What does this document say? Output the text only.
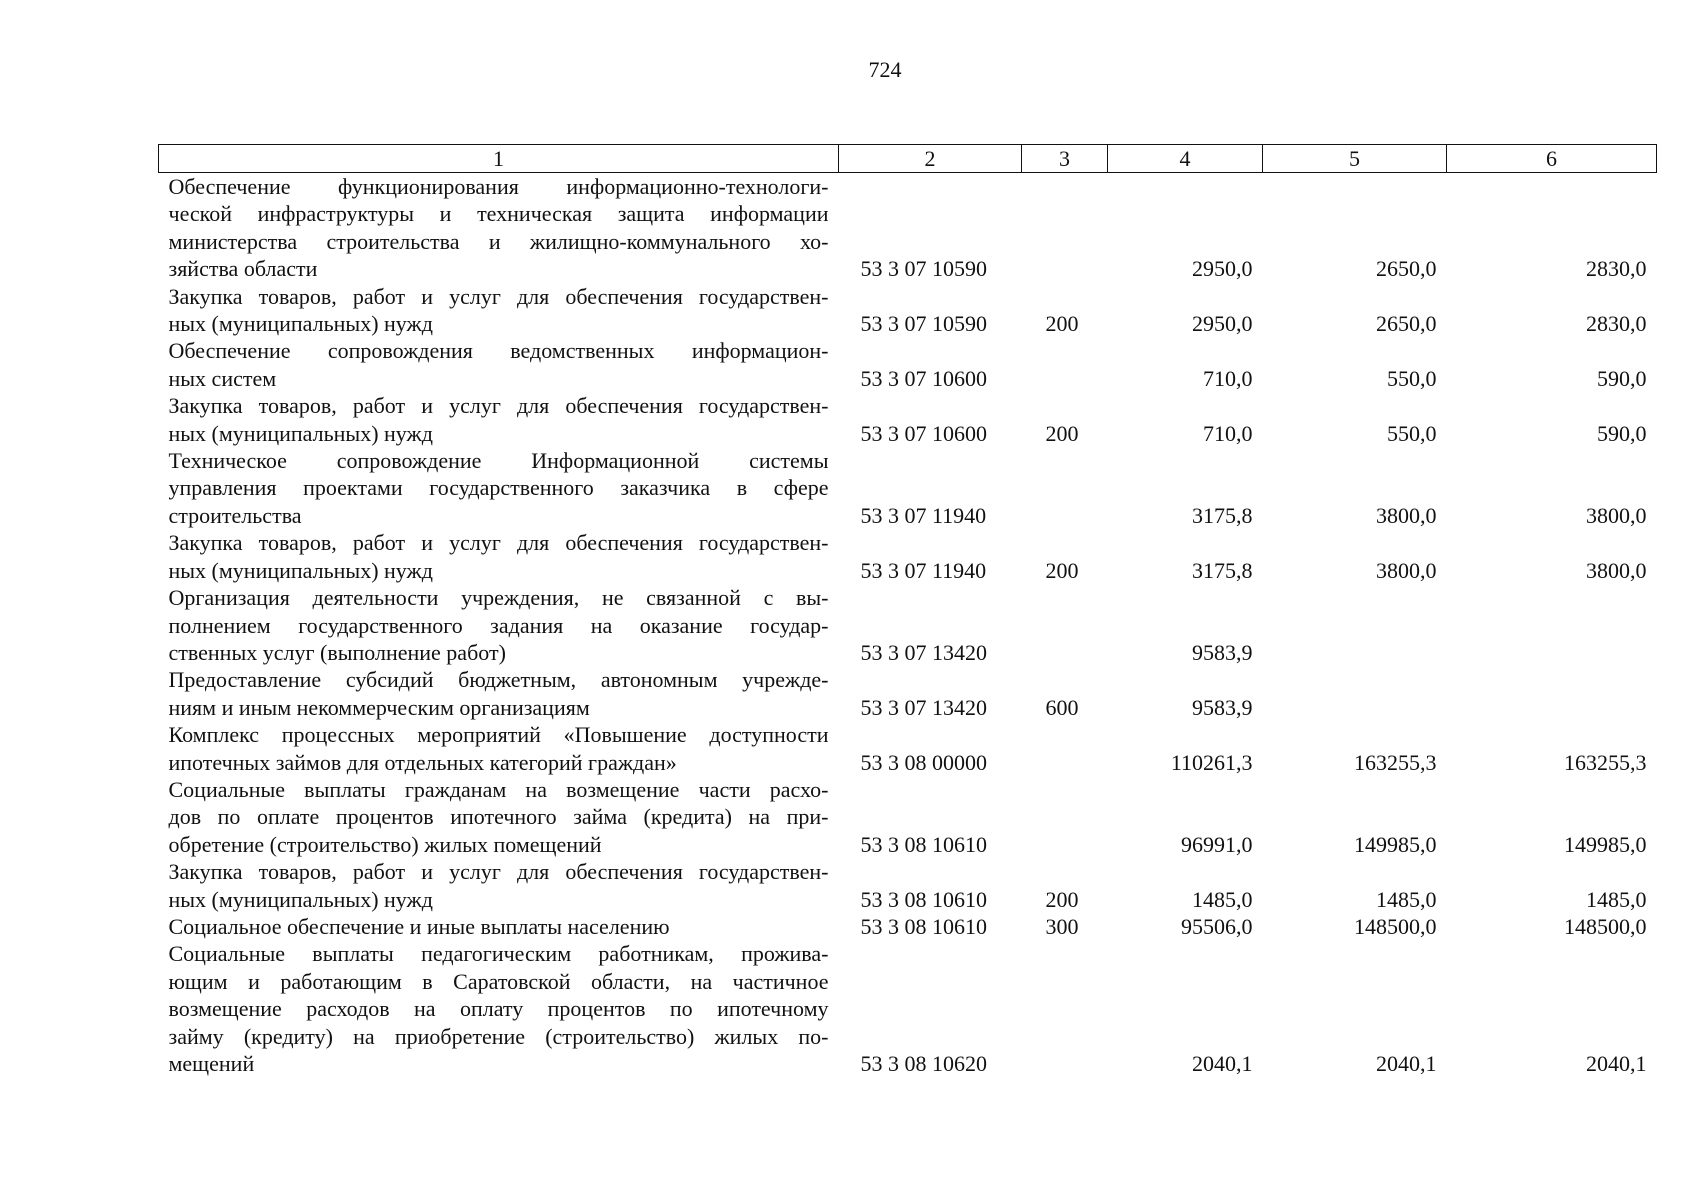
724
1	2	3	4	5	6

Обеспечение функционирования информационно-технологи-
ческой инфраструктуры и техническая защита информации
министерства строительства и жилищно-коммунального хо-
зяйства области	53 3 07 10590		2950,0	2650,0	2830,0

Закупка товаров, работ и услуг для обеспечения государствен-
ных (муниципальных) нужд	53 3 07 10590	200	2950,0	2650,0	2830,0

Обеспечение сопровождения ведомственных информацион-
ных систем	53 3 07 10600		710,0	550,0	590,0

Закупка товаров, работ и услуг для обеспечения государствен-
ных (муниципальных) нужд	53 3 07 10600	200	710,0	550,0	590,0

Техническое сопровождение Информационной системы
управления проектами государственного заказчика в сфере
строительства	53 3 07 11940		3175,8	3800,0	3800,0

Закупка товаров, работ и услуг для обеспечения государствен-
ных (муниципальных) нужд	53 3 07 11940	200	3175,8	3800,0	3800,0

Организация деятельности учреждения, не связанной с вы-
полнением государственного задания на оказание государ-
ственных услуг (выполнение работ)	53 3 07 13420		9583,9		

Предоставление субсидий бюджетным, автономным учрежде-
ниям и иным некоммерческим организациям	53 3 07 13420	600	9583,9		

Комплекс процессных мероприятий «Повышение доступности
ипотечных займов для отдельных категорий граждан»	53 3 08 00000		110261,3	163255,3	163255,3

Социальные выплаты гражданам на возмещение части расхо-
дов по оплате процентов ипотечного займа (кредита) на при-
обретение (строительство) жилых помещений	53 3 08 10610		96991,0	149985,0	149985,0

Закупка товаров, работ и услуг для обеспечения государствен-
ных (муниципальных) нужд	53 3 08 10610	200	1485,0	1485,0	1485,0

Социальное обеспечение и иные выплаты населению	53 3 08 10610	300	95506,0	148500,0	148500,0

Социальные выплаты педагогическим работникам, прожива-
ющим и работающим в Саратовской области, на частичное
возмещение расходов на оплату процентов по ипотечному
займу (кредиту) на приобретение (строительство) жилых по-
мещений	53 3 08 10620		2040,1	2040,1	2040,1
